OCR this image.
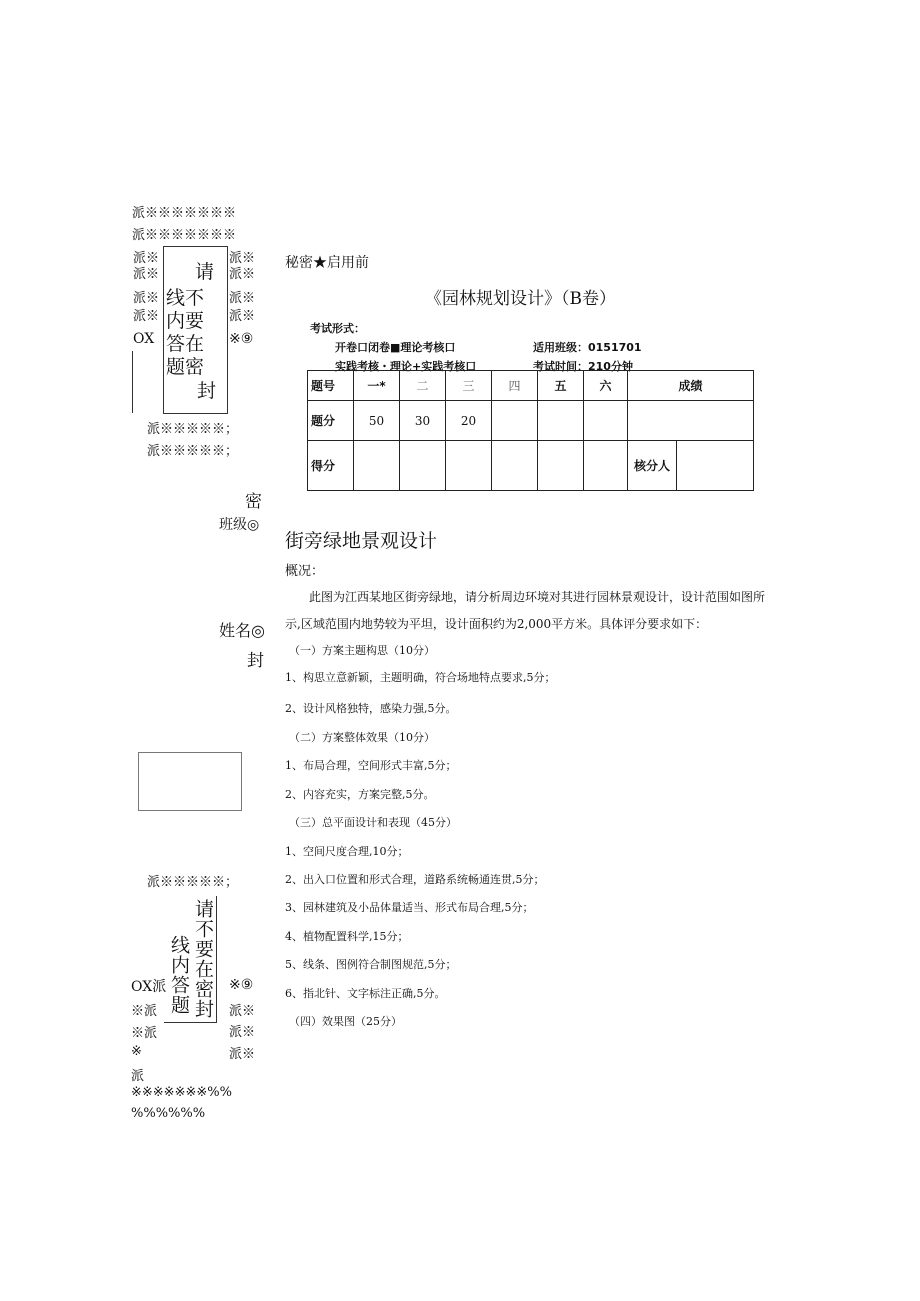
派※※※※※※※
派※※※※※※※
派※
派※
派※
派※
OX
请
线不
内要
答在
题密
封
派※
派※
派※
派※
※⑨
派※※※※※；
派※※※※※；
密
班级◎
姓名◎
封
派※※※※※；
请不要在密封
线内答题
OX派
※派
※派
※
派
※⑨
派※
派※
派※
※※※※※※※%%
%%%%%%
秘密★启用前
《园林规划设计》（B卷）
考试形式：
开卷口闭卷■理论考核口
实践考核・理论+实践考核口
适用班级：0151701
考试时间：210分钟
题号	一*	二	三	四	五	六	成绩	
题分	50	30	20					
得分							核分人	
街旁绿地景观设计
概况：
此图为江西某地区街旁绿地，请分析周边环境对其进行园林景观设计，设计范围如图所
示,区域范围内地势较为平坦，设计面积约为2,000平方米。具体评分要求如下：
（一）方案主题构思（10分）
1、构思立意新颖，主题明确，符合场地特点要求,5分；
2、设计风格独特，感染力强,5分。
（二）方案整体效果（10分）
1、布局合理，空间形式丰富,5分；
2、内容充实，方案完整,5分。
（三）总平面设计和表现（45分）
1、空间尺度合理,10分；
2、出入口位置和形式合理，道路系统畅通连贯,5分；
3、园林建筑及小品体量适当、形式布局合理,5分；
4、植物配置科学,15分；
5、线条、图例符合制图规范,5分；
6、指北针、文字标注正确,5分。
（四）效果图（25分）
